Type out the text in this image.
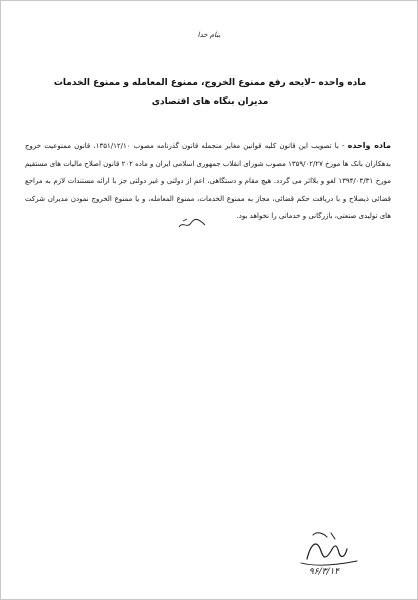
بنام خدا
ماده واحده –لایحه رفع ممنوع الخروج، ممنوع المعامله و ممنوع الخدمات
مدیران بنگاه های اقتصادی
ماده واحده - با تصویب این قانون کلیه قوانین مغایر منجمله قانون گذرنامه مصوب ۱۳۵۱/۱۲/۱۰، قانون ممنوعیت خروج بدهکاران بانک ها مورخ ۱۳۵۹/۰۲/۲۷ مصوب شورای انقلاب جمهوری اسلامی ایران و ماده ۲۰۲ قانون اصلاح مالیات های مستقیم مورخ ۱۳۹۴/۰۴/۳۱ لغو و بلااثر می گردد. هیچ مقام و دستگاهی، اعم از دولتی و غیر دولتی جز با ارائه مستندات لازم به مراجع قضائی ذیصلاح و با دریافت حکم قضائی، مجاز به ممنوع الخدمات، ممنوع المعامله، و یا ممنوع الخروج نمودن مدیران شرکت های تولیدی صنعتی، بازرگانی و خدماتی را نخواهد بود.
۹۶/۳/۱۴
